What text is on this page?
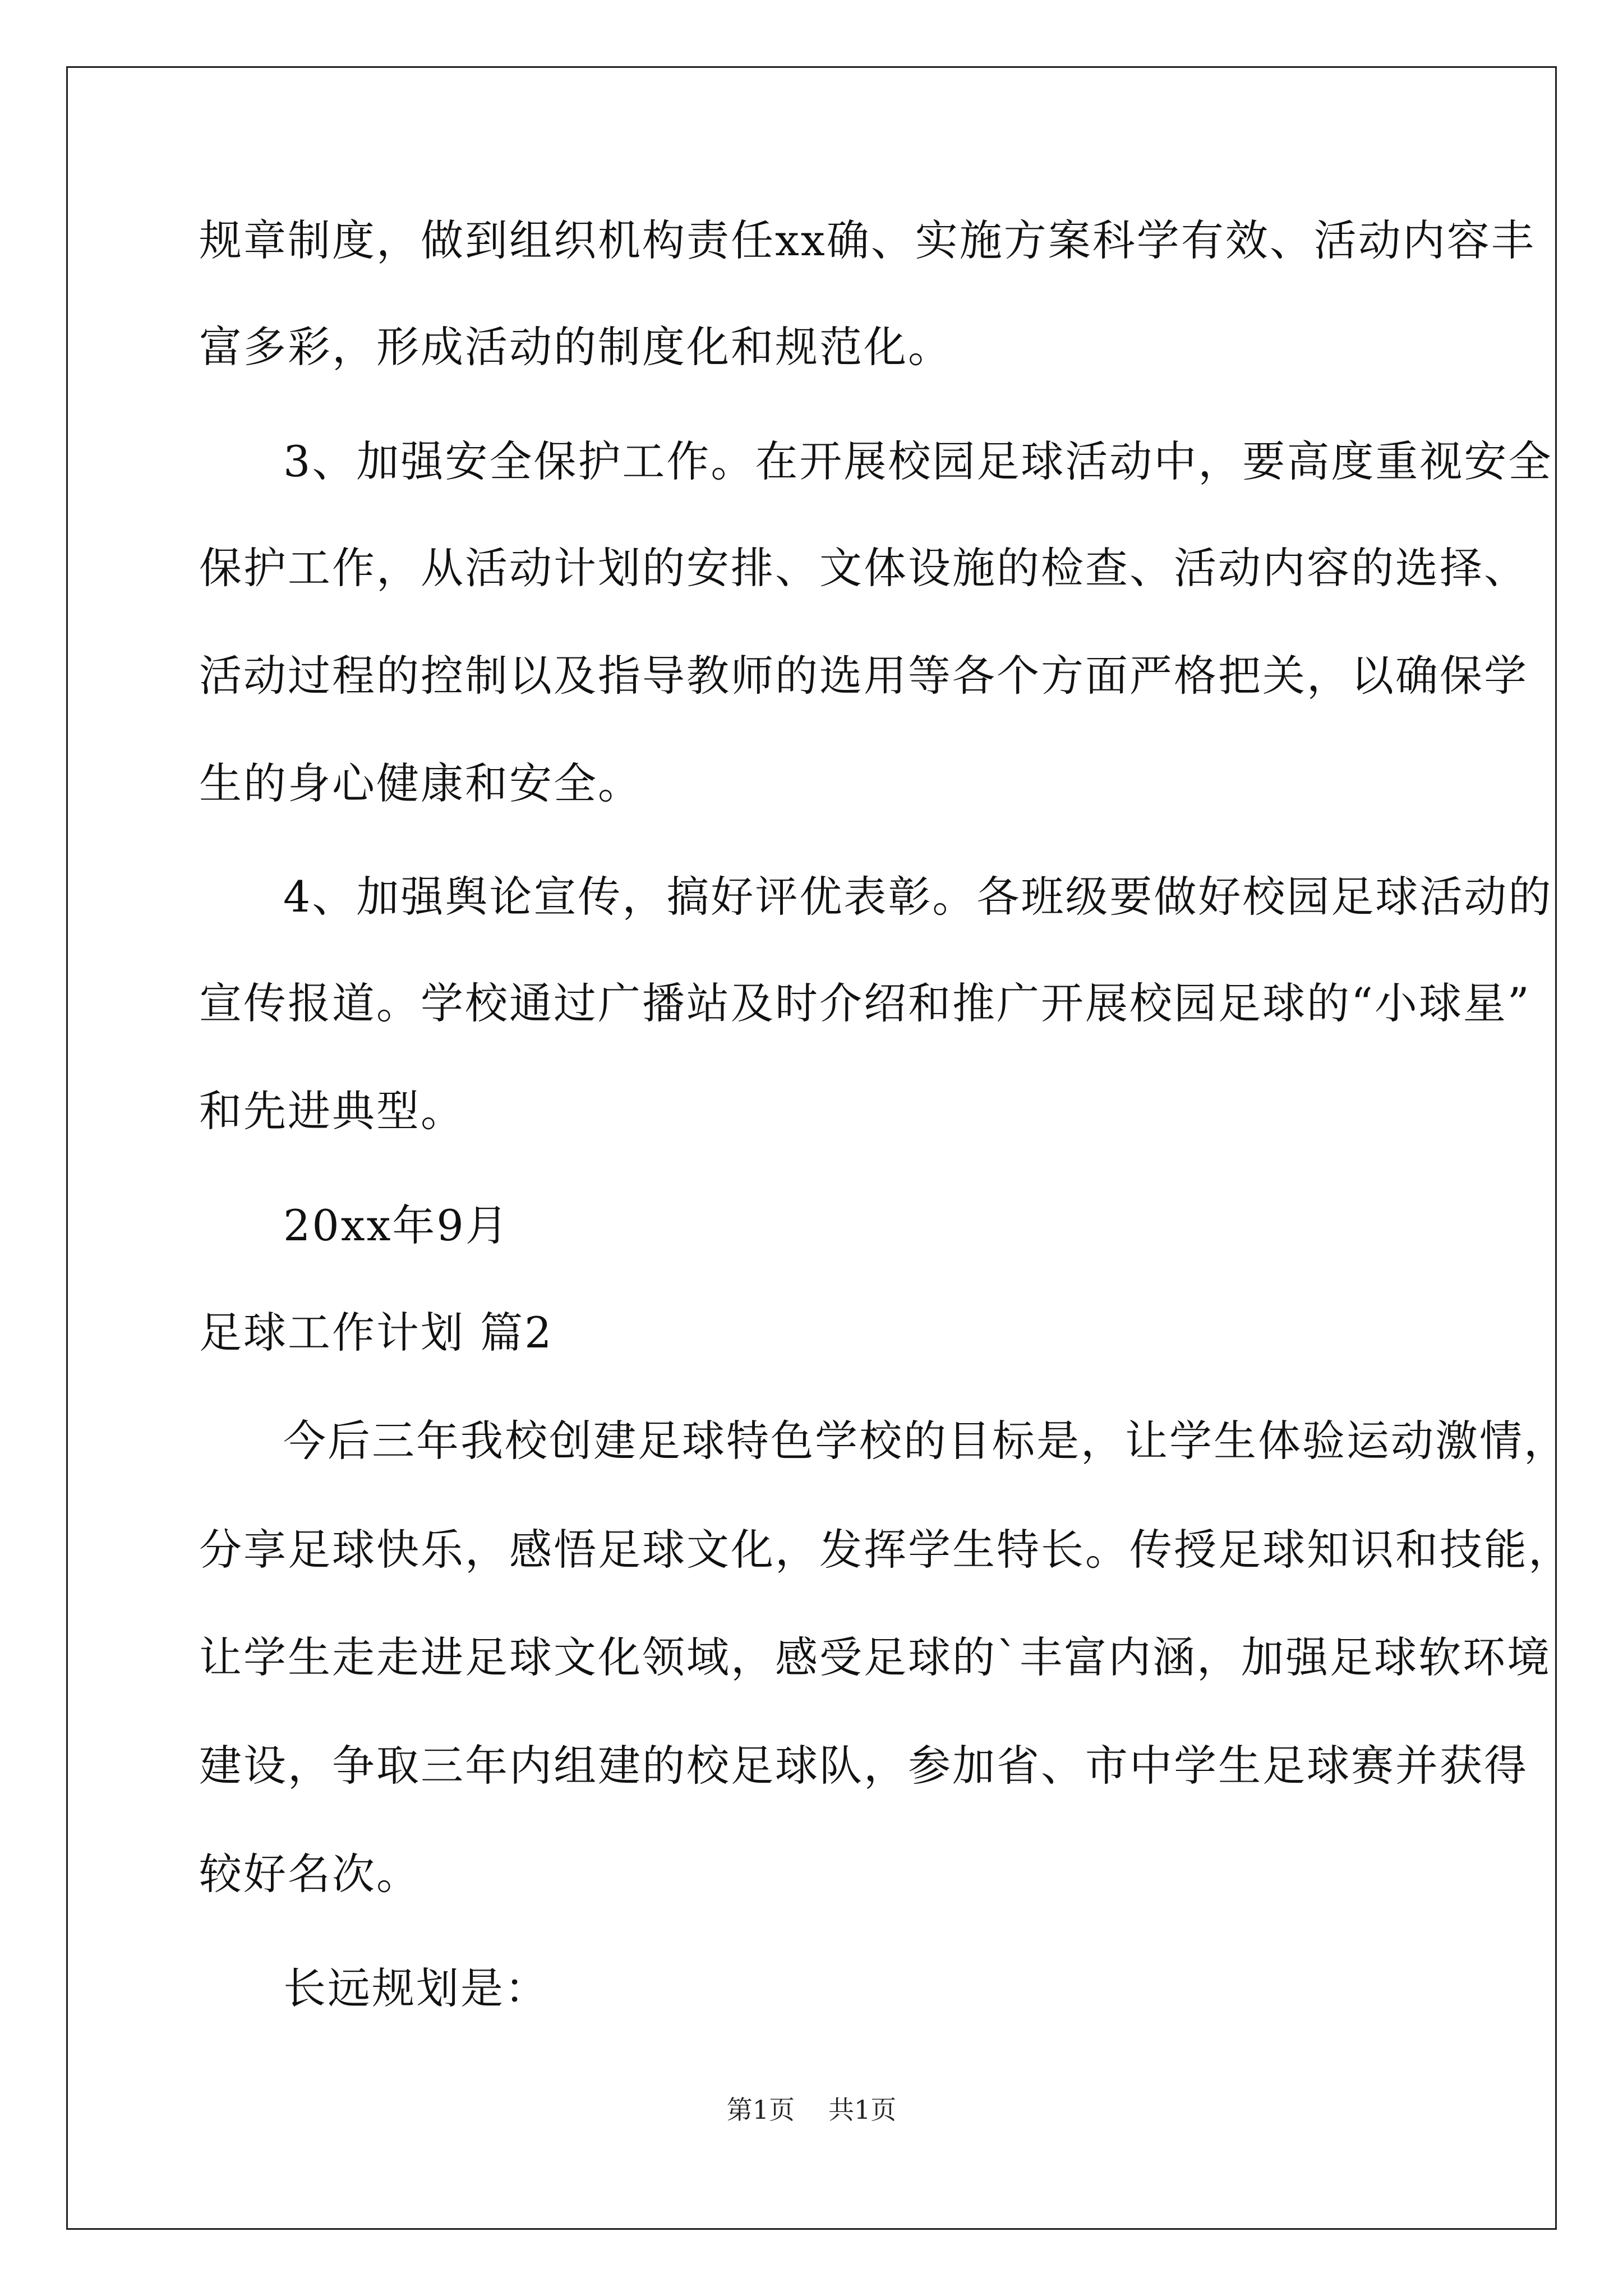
规章制度，做到组织机构责任xx确、实施方案科学有效、活动内容丰
富多彩，形成活动的制度化和规范化。
3、加强安全保护工作。在开展校园足球活动中，要高度重视安全
保护工作，从活动计划的安排、文体设施的检查、活动内容的选择、
活动过程的控制以及指导教师的选用等各个方面严格把关，以确保学
生的身心健康和安全。
4、加强舆论宣传，搞好评优表彰。各班级要做好校园足球活动的
宣传报道。学校通过广播站及时介绍和推广开展校园足球的“小球星”
和先进典型。
20xx年9月
足球工作计划 篇2
今后三年我校创建足球特色学校的目标是，让学生体验运动激情，
分享足球快乐，感悟足球文化，发挥学生特长。传授足球知识和技能，
让学生走走进足球文化领域，感受足球的`丰富内涵，加强足球软环境
建设，争取三年内组建的校足球队，参加省、市中学生足球赛并获得
较好名次。
长远规划是：
第1页 共1页
